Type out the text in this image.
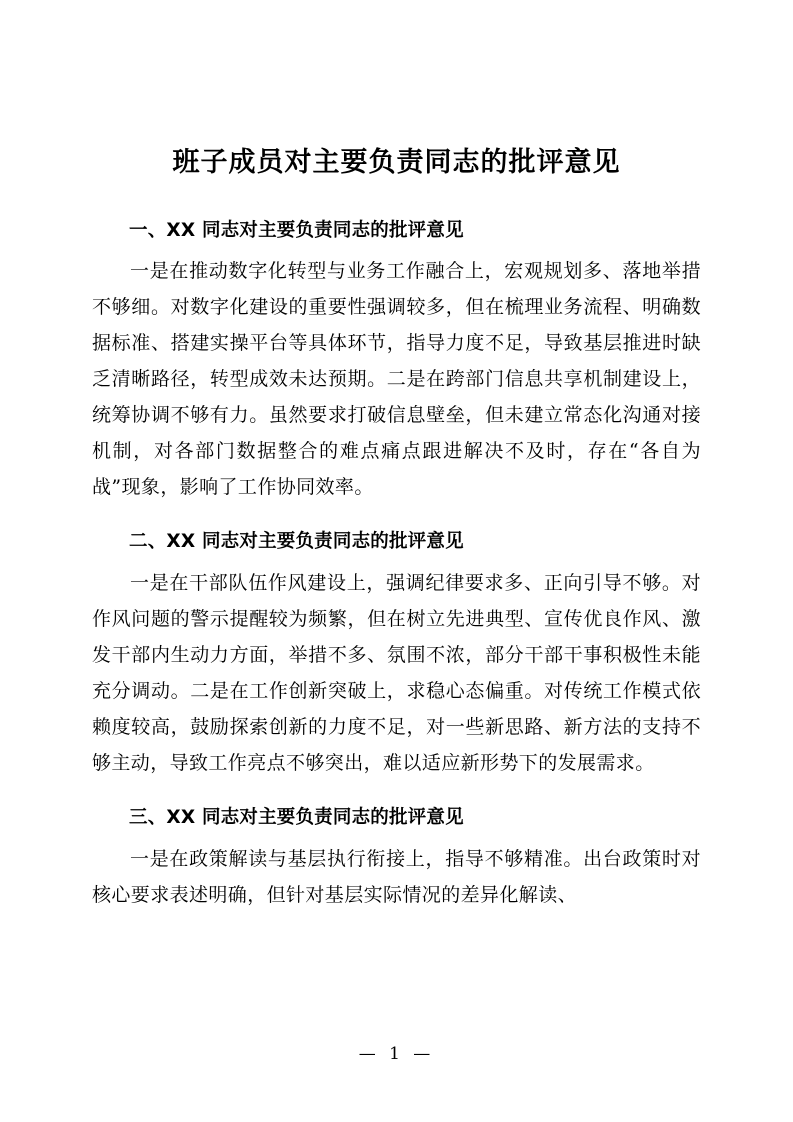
班子成员对主要负责同志的批评意见
一、XX 同志对主要负责同志的批评意见

一是在推动数字化转型与业务工作融合上，宏观规划多、落地举措不够细。对数字化建设的重要性强调较多，但在梳理业务流程、明确数据标准、搭建实操平台等具体环节，指导力度不足，导致基层推进时缺乏清晰路径，转型成效未达预期。二是在跨部门信息共享机制建设上，统筹协调不够有力。虽然要求打破信息壁垒，但未建立常态化沟通对接机制，对各部门数据整合的难点痛点跟进解决不及时，存在“各自为战”现象，影响了工作协同效率。

二、XX 同志对主要负责同志的批评意见

一是在干部队伍作风建设上，强调纪律要求多、正向引导不够。对作风问题的警示提醒较为频繁，但在树立先进典型、宣传优良作风、激发干部内生动力方面，举措不多、氛围不浓，部分干部干事积极性未能充分调动。二是在工作创新突破上，求稳心态偏重。对传统工作模式依赖度较高，鼓励探索创新的力度不足，对一些新思路、新方法的支持不够主动，导致工作亮点不够突出，难以适应新形势下的发展需求。

三、XX 同志对主要负责同志的批评意见

一是在政策解读与基层执行衔接上，指导不够精准。出台政策时对核心要求表述明确，但针对基层实际情况的差异化解读、

— 1 —
